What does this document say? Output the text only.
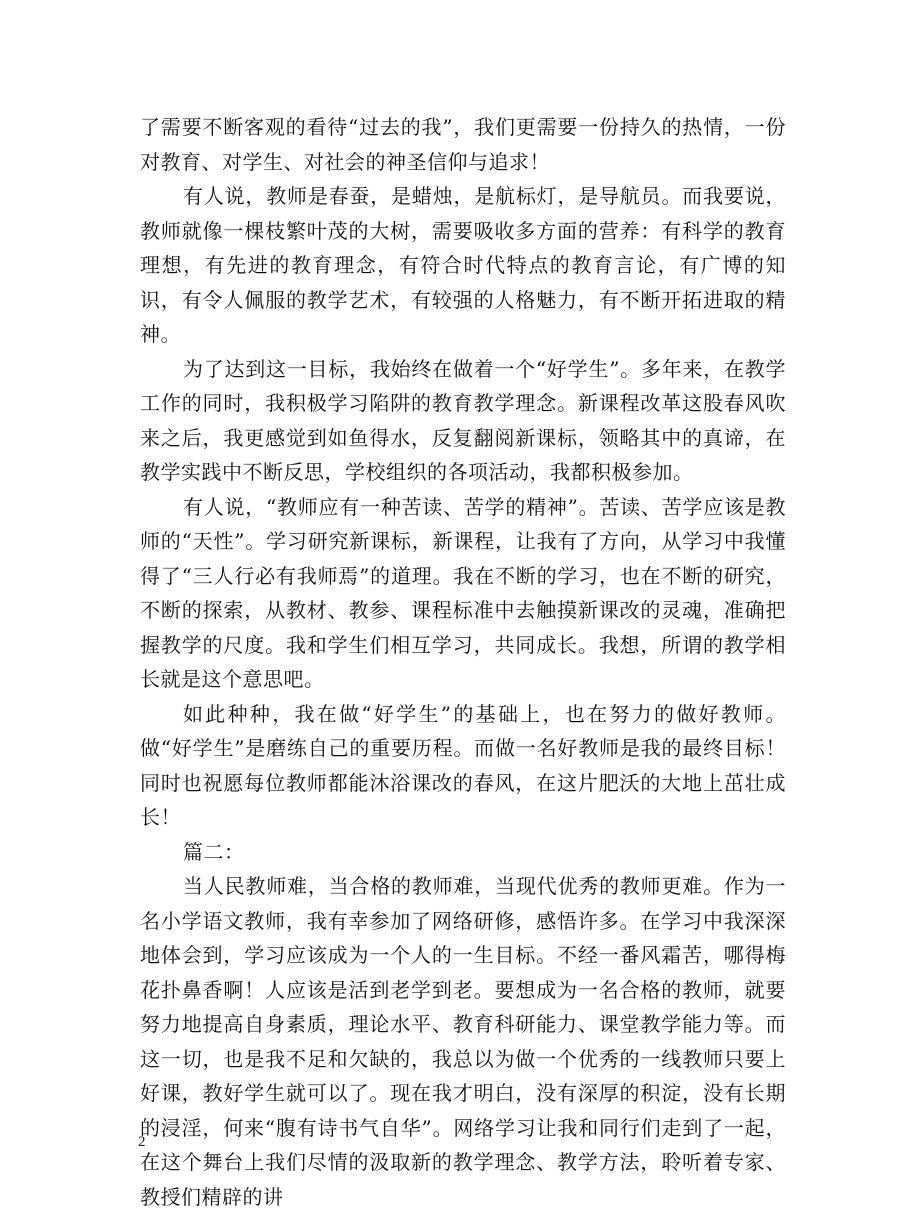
了需要不断客观的看待“过去的我”，我们更需要一份持久的热情，一份对教育、对学生、对社会的神圣信仰与追求！

有人说，教师是春蚕，是蜡烛，是航标灯，是导航员。而我要说，教师就像一棵枝繁叶茂的大树，需要吸收多方面的营养：有科学的教育理想，有先进的教育理念，有符合时代特点的教育言论，有广博的知识，有令人佩服的教学艺术，有较强的人格魅力，有不断开拓进取的精神。

为了达到这一目标，我始终在做着一个“好学生”。多年来，在教学工作的同时，我积极学习陷阱的教育教学理念。新课程改革这股春风吹来之后，我更感觉到如鱼得水，反复翻阅新课标，领略其中的真谛，在教学实践中不断反思，学校组织的各项活动，我都积极参加。

有人说，“教师应有一种苦读、苦学的精神”。苦读、苦学应该是教师的“天性”。学习研究新课标，新课程，让我有了方向，从学习中我懂得了“三人行必有我师焉”的道理。我在不断的学习，也在不断的研究，不断的探索，从教材、教参、课程标准中去触摸新课改的灵魂，准确把握教学的尺度。我和学生们相互学习，共同成长。我想，所谓的教学相长就是这个意思吧。

如此种种，我在做“好学生”的基础上，也在努力的做好教师。做“好学生”是磨练自己的重要历程。而做一名好教师是我的最终目标！同时也祝愿每位教师都能沐浴课改的春风，在这片肥沃的大地上茁壮成长！

篇二：

当人民教师难，当合格的教师难，当现代优秀的教师更难。作为一名小学语文教师，我有幸参加了网络研修，感悟许多。在学习中我深深地体会到，学习应该成为一个人的一生目标。不经一番风霜苦，哪得梅花扑鼻香啊！人应该是活到老学到老。要想成为一名合格的教师，就要努力地提高自身素质，理论水平、教育科研能力、课堂教学能力等。而这一切，也是我不足和欠缺的，我总以为做一个优秀的一线教师只要上好课，教好学生就可以了。现在我才明白，没有深厚的积淀，没有长期的浸淫，何来“腹有诗书气自华”。网络学习让我和同行们走到了一起，在这个舞台上我们尽情的汲取新的教学理念、教学方法，聆听着专家、教授们精辟的讲

2
